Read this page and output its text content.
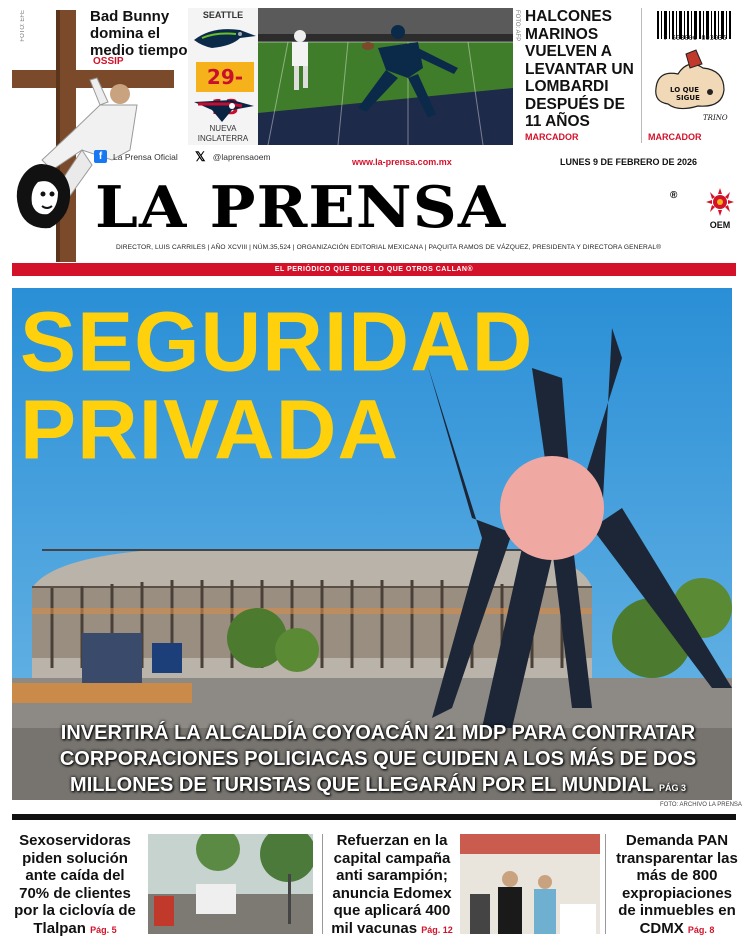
FOTO: EFE	Bad Bunny domina el medio tiempo
OSSIP
SEATTLE
29-
NUEVA INGLATERRA
FOTO: AFP HALCONES MARINOS VUELVEN A LEVANTAR UN LOMBARDI DESPUÉS DE 11 AÑOS
MARCADOR
7 503006 093036
LO QUE
SIGUE
TRINO
MARCADOR
f	La Prensa Oficial 𝕏 @laprensaoem
www.la-prensa.com.mx	LUNES 9 DE FEBRERO DE 2026
LA PRENSA	®
OEM
DIRECTOR, LUIS CARRILES | AÑO XCVIII | NÚM.35,524 | ORGANIZACIÓN EDITORIAL MEXICANA | PAQUITA RAMOS DE VÁZQUEZ, PRESIDENTA Y DIRECTORA GENERAL®
EL PERIÓDICO QUE DICE LO QUE OTROS CALLAN®
SEGURIDAD
PRIVADA
INVERTIRÁ LA ALCALDÍA COYOACÁN 21 MDP PARA CONTRATAR CORPORACIONES POLICIACAS QUE CUIDEN A LOS MÁS DE DOS MILLONES DE TURISTAS QUE LLEGARÁN POR EL MUNDIAL PÁG 3
FOTO: ARCHIVO LA PRENSA
Sexoservidoras piden solución ante caída del 70% de clientes por la ciclovía de Tlalpan Pág. 5
Refuerzan en la capital campaña anti sarampión; anuncia Edomex que aplicará 400 mil vacunas Pág. 12
Demanda PAN transparentar las más de 800 expropiaciones de inmuebles en CDMX Pág. 8
